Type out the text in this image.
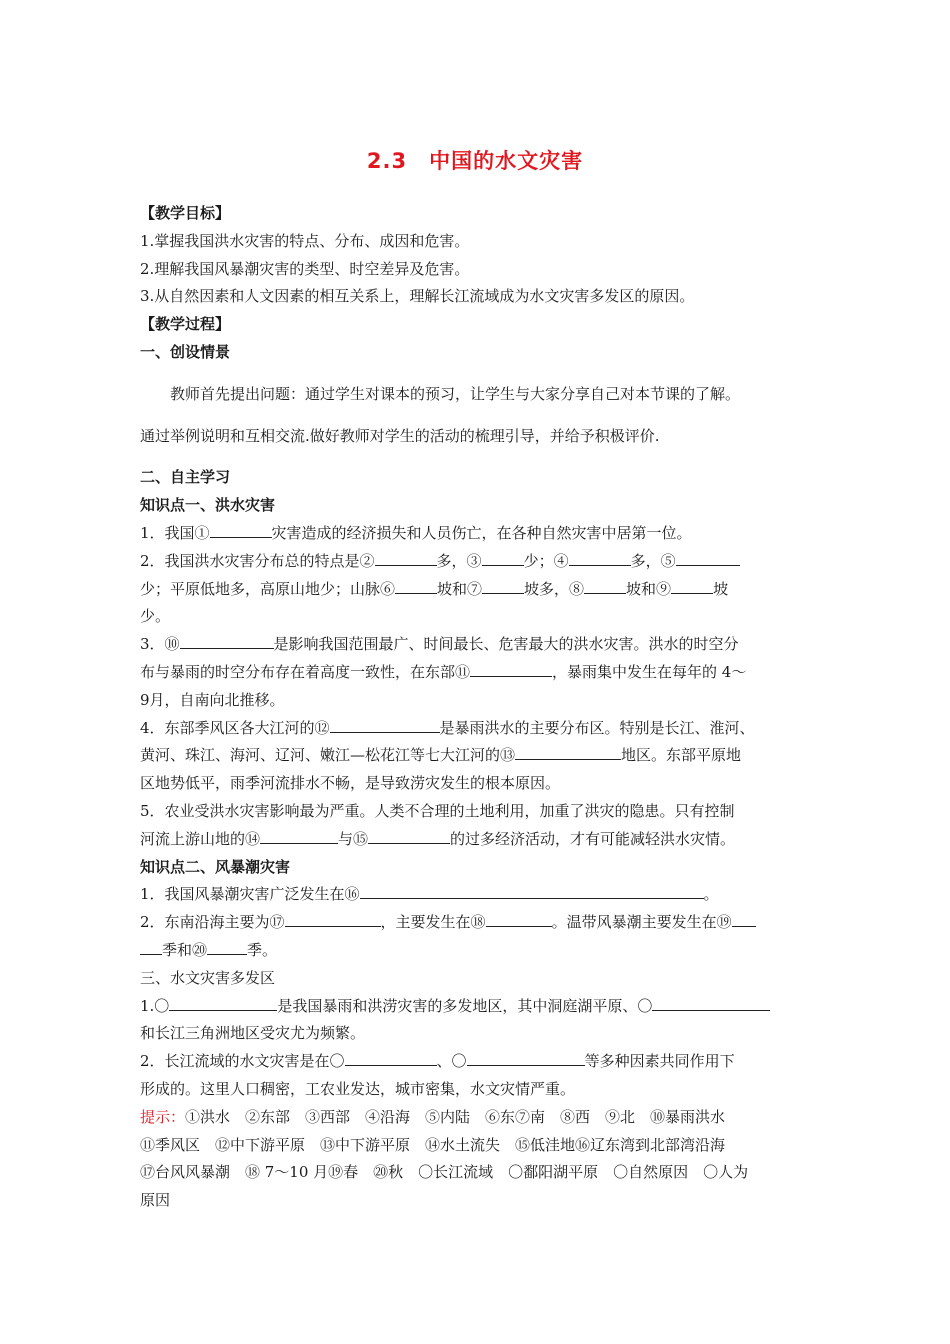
2.3　中国的水文灾害
【教学目标】
1.掌握我国洪水灾害的特点、分布、成因和危害。
2.理解我国风暴潮灾害的类型、时空差异及危害。
3.从自然因素和人文因素的相互关系上，理解长江流域成为水文灾害多发区的原因。
【教学过程】
一、创设情景
教师首先提出问题：通过学生对课本的预习，让学生与大家分享自己对本节课的了解。
通过举例说明和互相交流.做好教师对学生的活动的梳理引导，并给予积极评价.
二、自主学习
知识点一、洪水灾害
1．我国①	灾害造成的经济损失和人员伤亡，在各种自然灾害中居第一位。
2．我国洪水灾害分布总的特点是②	多，③	少；④	多，⑤
少；平原低地多，高原山地少；山脉⑥	坡和⑦	坡多，⑧	坡和⑨	坡
少。
3．⑩	是影响我国范围最广、时间最长、危害最大的洪水灾害。洪水的时空分
布与暴雨的时空分布存在着高度一致性，在东部⑪	，暴雨集中发生在每年的 4～
9月，自南向北推移。
4．东部季风区各大江河的⑫	是暴雨洪水的主要分布区。特别是长江、淮河、
黄河、珠江、海河、辽河、嫩江—松花江等七大江河的⑬	地区。东部平原地
区地势低平，雨季河流排水不畅，是导致涝灾发生的根本原因。
5．农业受洪水灾害影响最为严重。人类不合理的土地利用，加重了洪灾的隐患。只有控制
河流上游山地的⑭	与⑮	的过多经济活动，才有可能减轻洪水灾情。
知识点二、风暴潮灾害
1．我国风暴潮灾害广泛发生在⑯	。
2．东南沿海主要为⑰	，主要发生在⑱	。温带风暴潮主要发生在⑲
季和⑳	季。
三、水文灾害多发区
1.〇	是我国暴雨和洪涝灾害的多发地区，其中洞庭湖平原、〇
和长江三角洲地区受灾尤为频繁。
2．长江流域的水文灾害是在〇	、〇	等多种因素共同作用下
形成的。这里人口稠密，工农业发达，城市密集，水文灾情严重。
提示：①洪水　②东部　③西部　④沿海　⑤内陆　⑥东⑦南　⑧西　⑨北　⑩暴雨洪水
⑪季风区　⑫中下游平原　⑬中下游平原　⑭水土流失　⑮低洼地⑯辽东湾到北部湾沿海
⑰台风风暴潮　⑱ 7～10 月⑲春　⑳秋　〇长江流域　〇鄱阳湖平原　〇自然原因　〇人为
原因
